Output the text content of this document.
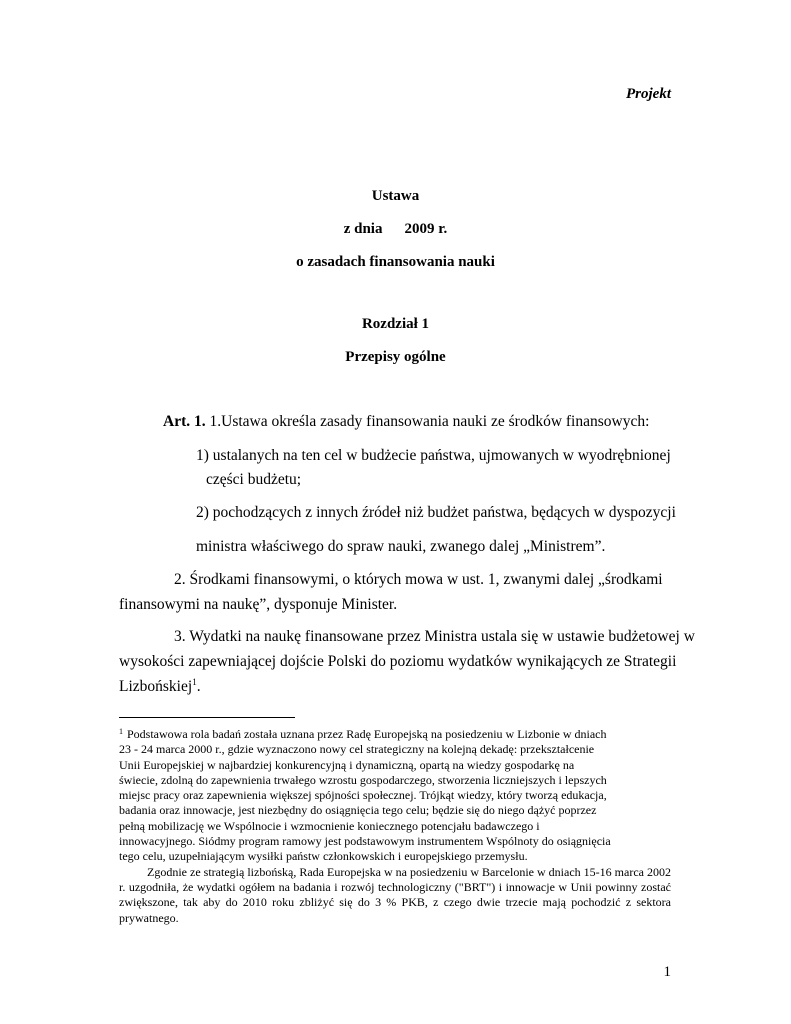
Projekt
Ustawa
z dnia 2009 r.
o zasadach finansowania nauki
Rozdział 1
Przepisy ogólne
Art. 1. 1.Ustawa określa zasady finansowania nauki ze środków finansowych:
1) ustalanych na ten cel w budżecie państwa, ujmowanych w wyodrębnionej
części budżetu;
2) pochodzących z innych źródeł niż budżet państwa, będących w dyspozycji
ministra właściwego do spraw nauki, zwanego dalej „Ministrem”.
2. Środkami finansowymi, o których mowa w ust. 1, zwanymi dalej „środkami
finansowymi na naukę”, dysponuje Minister.
3. Wydatki na naukę finansowane przez Ministra ustala się w ustawie budżetowej w
wysokości zapewniającej dojście Polski do poziomu wydatków wynikających ze Strategii
Lizbońskiej$^1$.

$^1$ Podstawowa rola badań została uznana przez Radę Europejską na posiedzeniu w Lizbonie w dniach

23 - 24 marca 2000 r., gdzie wyznaczono nowy cel strategiczny na kolejną dekadę: przekształcenie

Unii Europejskiej w najbardziej konkurencyjną i dynamiczną, opartą na wiedzy gospodarkę na

świecie, zdolną do zapewnienia trwałego wzrostu gospodarczego, stworzenia liczniejszych i lepszych

miejsc pracy oraz zapewnienia większej spójności społecznej. Trójkąt wiedzy, który tworzą edukacja,

badania oraz innowacje, jest niezbędny do osiągnięcia tego celu; będzie się do niego dążyć poprzez

pełną mobilizację we Wspólnocie i wzmocnienie koniecznego potencjału badawczego i

innowacyjnego. Siódmy program ramowy jest podstawowym instrumentem Wspólnoty do osiągnięcia

tego celu, uzupełniającym wysiłki państw członkowskich i europejskiego przemysłu.

Zgodnie ze strategią lizbońską, Rada Europejska w na posiedzeniu w Barcelonie w dniach 15-16 marca 2002 r. uzgodniła, że wydatki ogółem na badania i rozwój technologiczny ("BRT") i innowacje w Unii powinny zostać zwiększone, tak aby do 2010 roku zbliżyć się do 3 % PKB, z czego dwie trzecie mają pochodzić z sektora prywatnego.

1
